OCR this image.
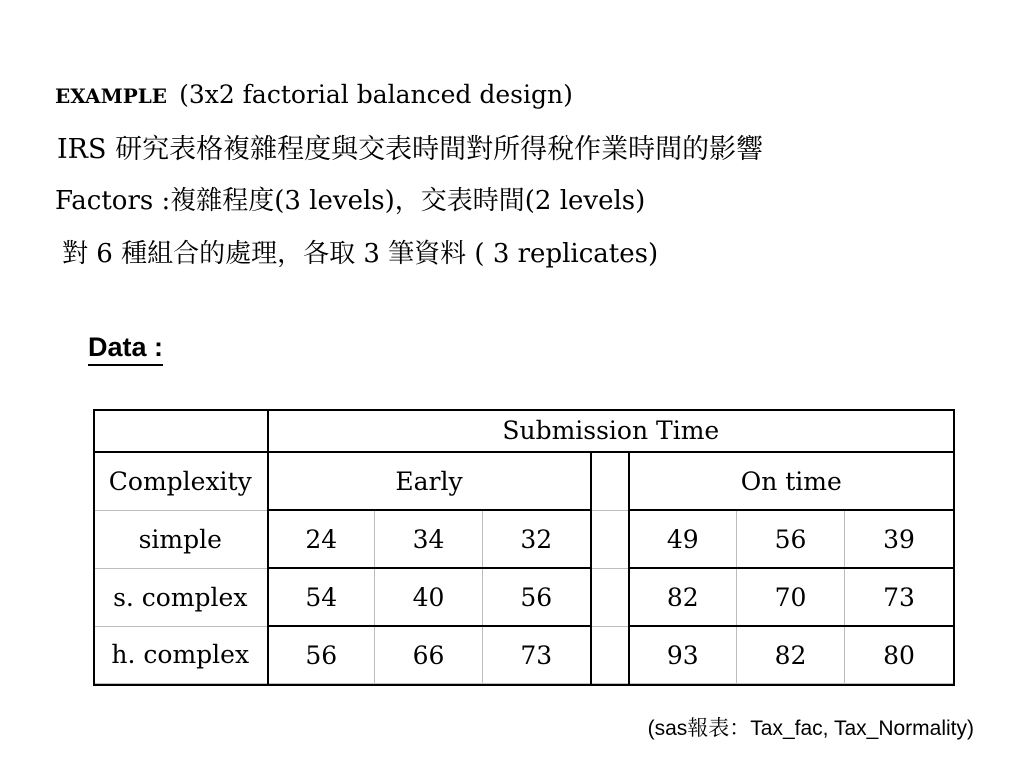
EXAMPLE (3x2 factorial balanced design)
IRS 研究表格複雜程度與交表時間對所得稅作業時間的影響
Factors :複雜程度(3 levels)，交表時間(2 levels)
對 6 種組合的處理，各取 3 筆資料 ( 3 replicates)
Data :
	Submission Time						
Complexity	Early				On time		
simple	24	34	32		49	56	39
s. complex	54	40	56		82	70	73
h. complex	56	66	73		93	82	80
(sas報表：Tax_fac, Tax_Normality)
